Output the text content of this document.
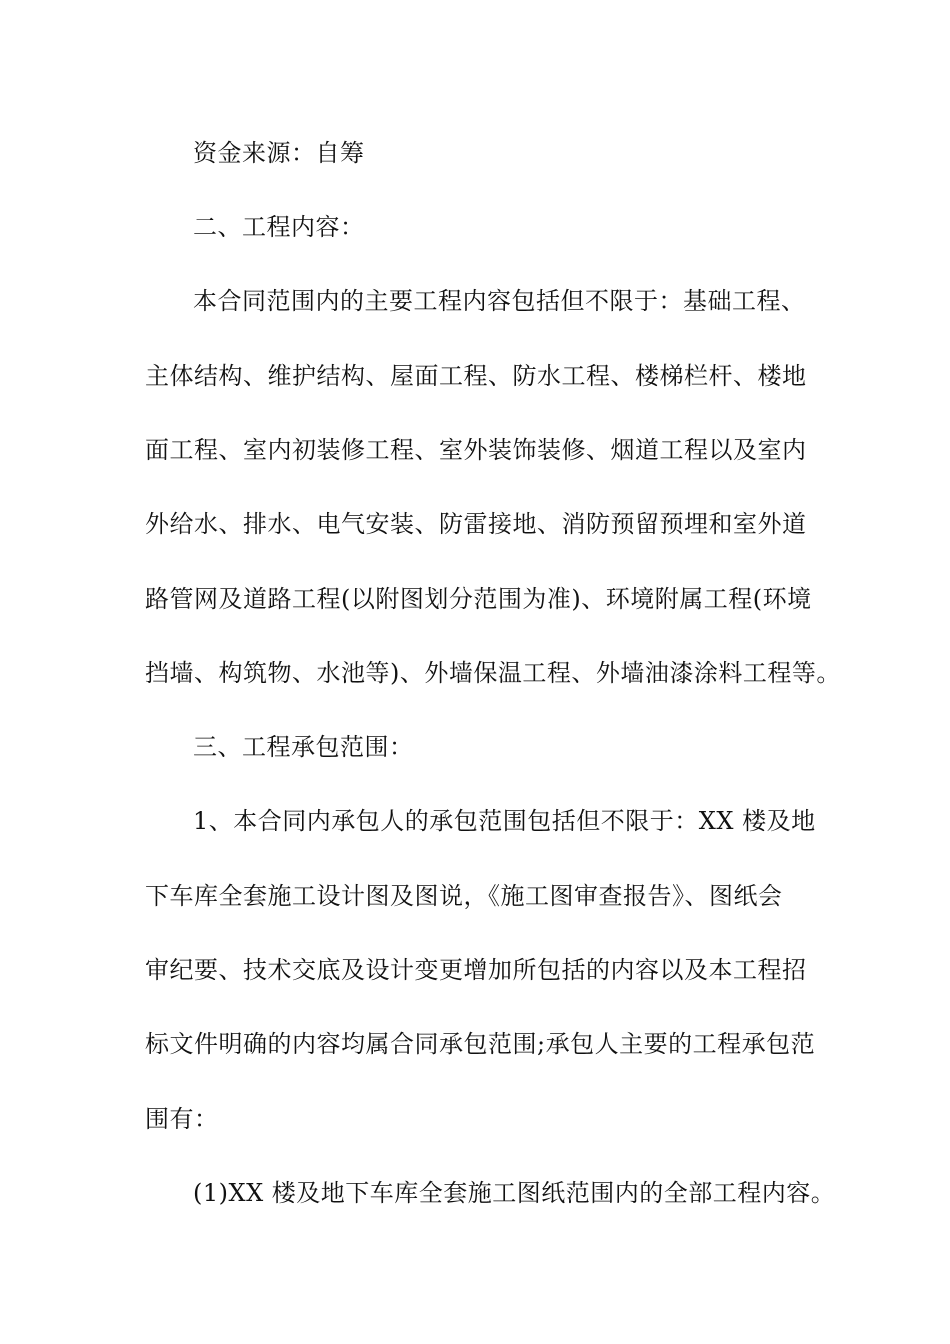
资金来源：自筹
二、工程内容：
本合同范围内的主要工程内容包括但不限于：基础工程、
主体结构、维护结构、屋面工程、防水工程、楼梯栏杆、楼地
面工程、室内初装修工程、室外装饰装修、烟道工程以及室内
外给水、排水、电气安装、防雷接地、消防预留预埋和室外道
路管网及道路工程(以附图划分范围为准)、环境附属工程(环境
挡墙、构筑物、水池等)、外墙保温工程、外墙油漆涂料工程等。
三、工程承包范围：
1、本合同内承包人的承包范围包括但不限于：XX 楼及地
下车库全套施工设计图及图说，《施工图审查报告》、图纸会
审纪要、技术交底及设计变更增加所包括的内容以及本工程招
标文件明确的内容均属合同承包范围;承包人主要的工程承包范
围有：
(1)XX 楼及地下车库全套施工图纸范围内的全部工程内容。
